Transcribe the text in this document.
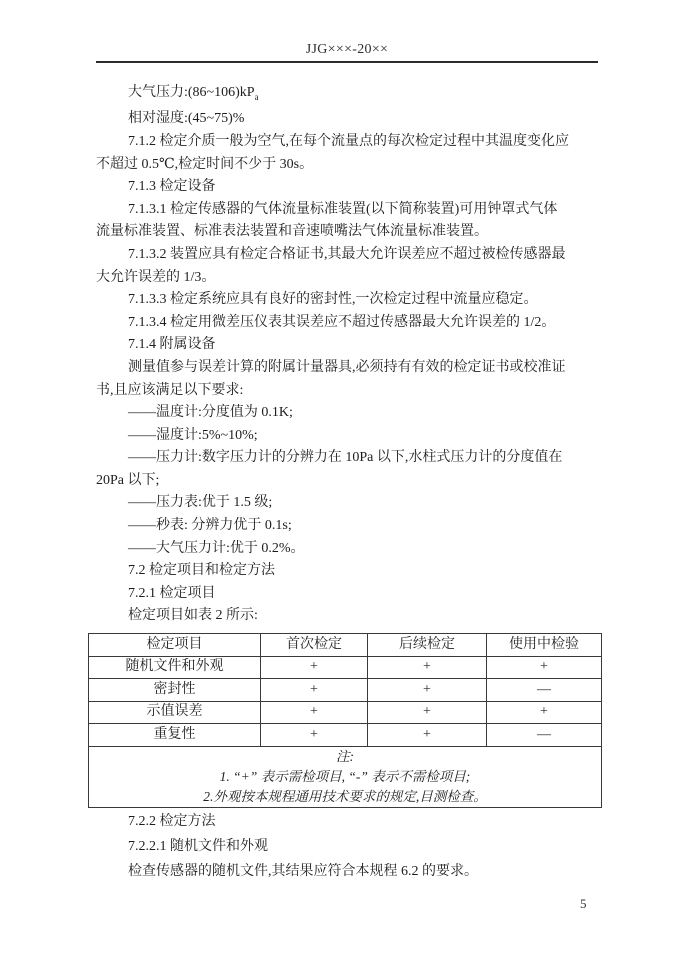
JJG×××-20××

大气压力$:(86\sim 106)kP_a$

相对湿度:(45~75)%

7.1.2 检定介质一般为空气,在每个流量点的每次检定过程中其温度变化应

不超过 0.5℃,检定时间不少于 30s。

7.1.3 检定设备

7.1.3.1 检定传感器的气体流量标准装置(以下简称装置)可用钟罩式气体

流量标准装置、标准表法装置和音速喷嘴法气体流量标准装置。

7.1.3.2 装置应具有检定合格证书,其最大允许误差应不超过被检传感器最

大允许误差的 1/3。

7.1.3.3 检定系统应具有良好的密封性,一次检定过程中流量应稳定。

7.1.3.4 检定用微差压仪表其误差应不超过传感器最大允许误差的 1/2。

7.1.4 附属设备

测量值参与误差计算的附属计量器具,必须持有有效的检定证书或校准证

书,且应该满足以下要求:

——温度计:分度值为 0.1K;

——湿度计:5%~10%;

——压力计:数字压力计的分辨力在 10Pa 以下,水柱式压力计的分度值在

20Pa 以下;

——压力表:优于 1.5 级;

——秒表: 分辨力优于 0.1s;

——大气压力计:优于 0.2%。

7.2 检定项目和检定方法

7.2.1 检定项目

检定项目如表 2 所示:

检定项目	首次检定	后续检定	使用中检验
随机文件和外观	+	+	+
密封性	+	+	—
示值误差	+	+	+
重复性	+	+	—

注:
1. “+” 表示需检项目, “-” 表示不需检项目;
2.外观按本规程通用技术要求的规定,目测检查。			

7.2.2 检定方法

7.2.2.1 随机文件和外观

检查传感器的随机文件,其结果应符合本规程 6.2 的要求。

5
